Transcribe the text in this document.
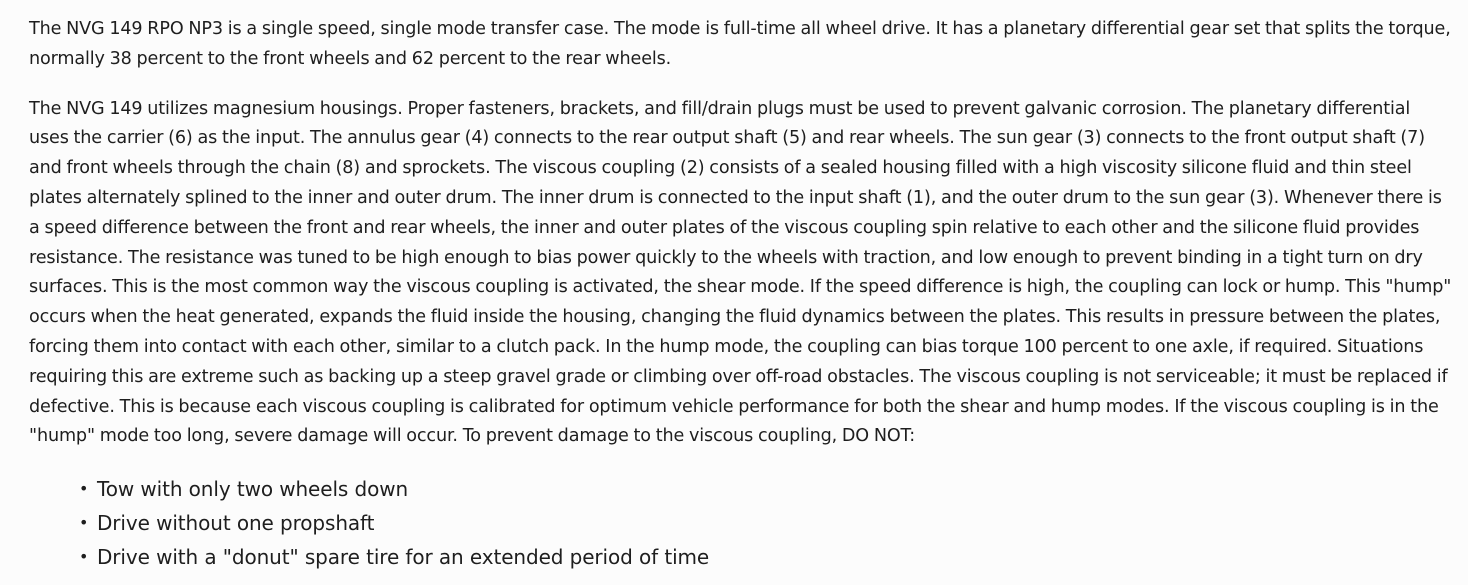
The NVG 149 RPO NP3 is a single speed, single mode transfer case. The mode is full-time all wheel drive. It has a planetary differential gear set that splits the torque, normally 38 percent to the front wheels and 62 percent to the rear wheels.

The NVG 149 utilizes magnesium housings. Proper fasteners, brackets, and fill/drain plugs must be used to prevent galvanic corrosion. The planetary differential uses the carrier (6) as the input. The annulus gear (4) connects to the rear output shaft (5) and rear wheels. The sun gear (3) connects to the front output shaft (7) and front wheels through the chain (8) and sprockets. The viscous coupling (2) consists of a sealed housing filled with a high viscosity silicone fluid and thin steel plates alternately splined to the inner and outer drum. The inner drum is connected to the input shaft (1), and the outer drum to the sun gear (3). Whenever there is a speed difference between the front and rear wheels, the inner and outer plates of the viscous coupling spin relative to each other and the silicone fluid provides resistance. The resistance was tuned to be high enough to bias power quickly to the wheels with traction, and low enough to prevent binding in a tight turn on dry surfaces. This is the most common way the viscous coupling is activated, the shear mode. If the speed difference is high, the coupling can lock or hump. This "hump" occurs when the heat generated, expands the fluid inside the housing, changing the fluid dynamics between the plates. This results in pressure between the plates, forcing them into contact with each other, similar to a clutch pack. In the hump mode, the coupling can bias torque 100 percent to one axle, if required. Situations requiring this are extreme such as backing up a steep gravel grade or climbing over off-road obstacles. The viscous coupling is not serviceable; it must be replaced if defective. This is because each viscous coupling is calibrated for optimum vehicle performance for both the shear and hump modes. If the viscous coupling is in the "hump" mode too long, severe damage will occur. To prevent damage to the viscous coupling, DO NOT:

• Tow with only two wheels down
• Drive without one propshaft
• Drive with a "donut" spare tire for an extended period of time
